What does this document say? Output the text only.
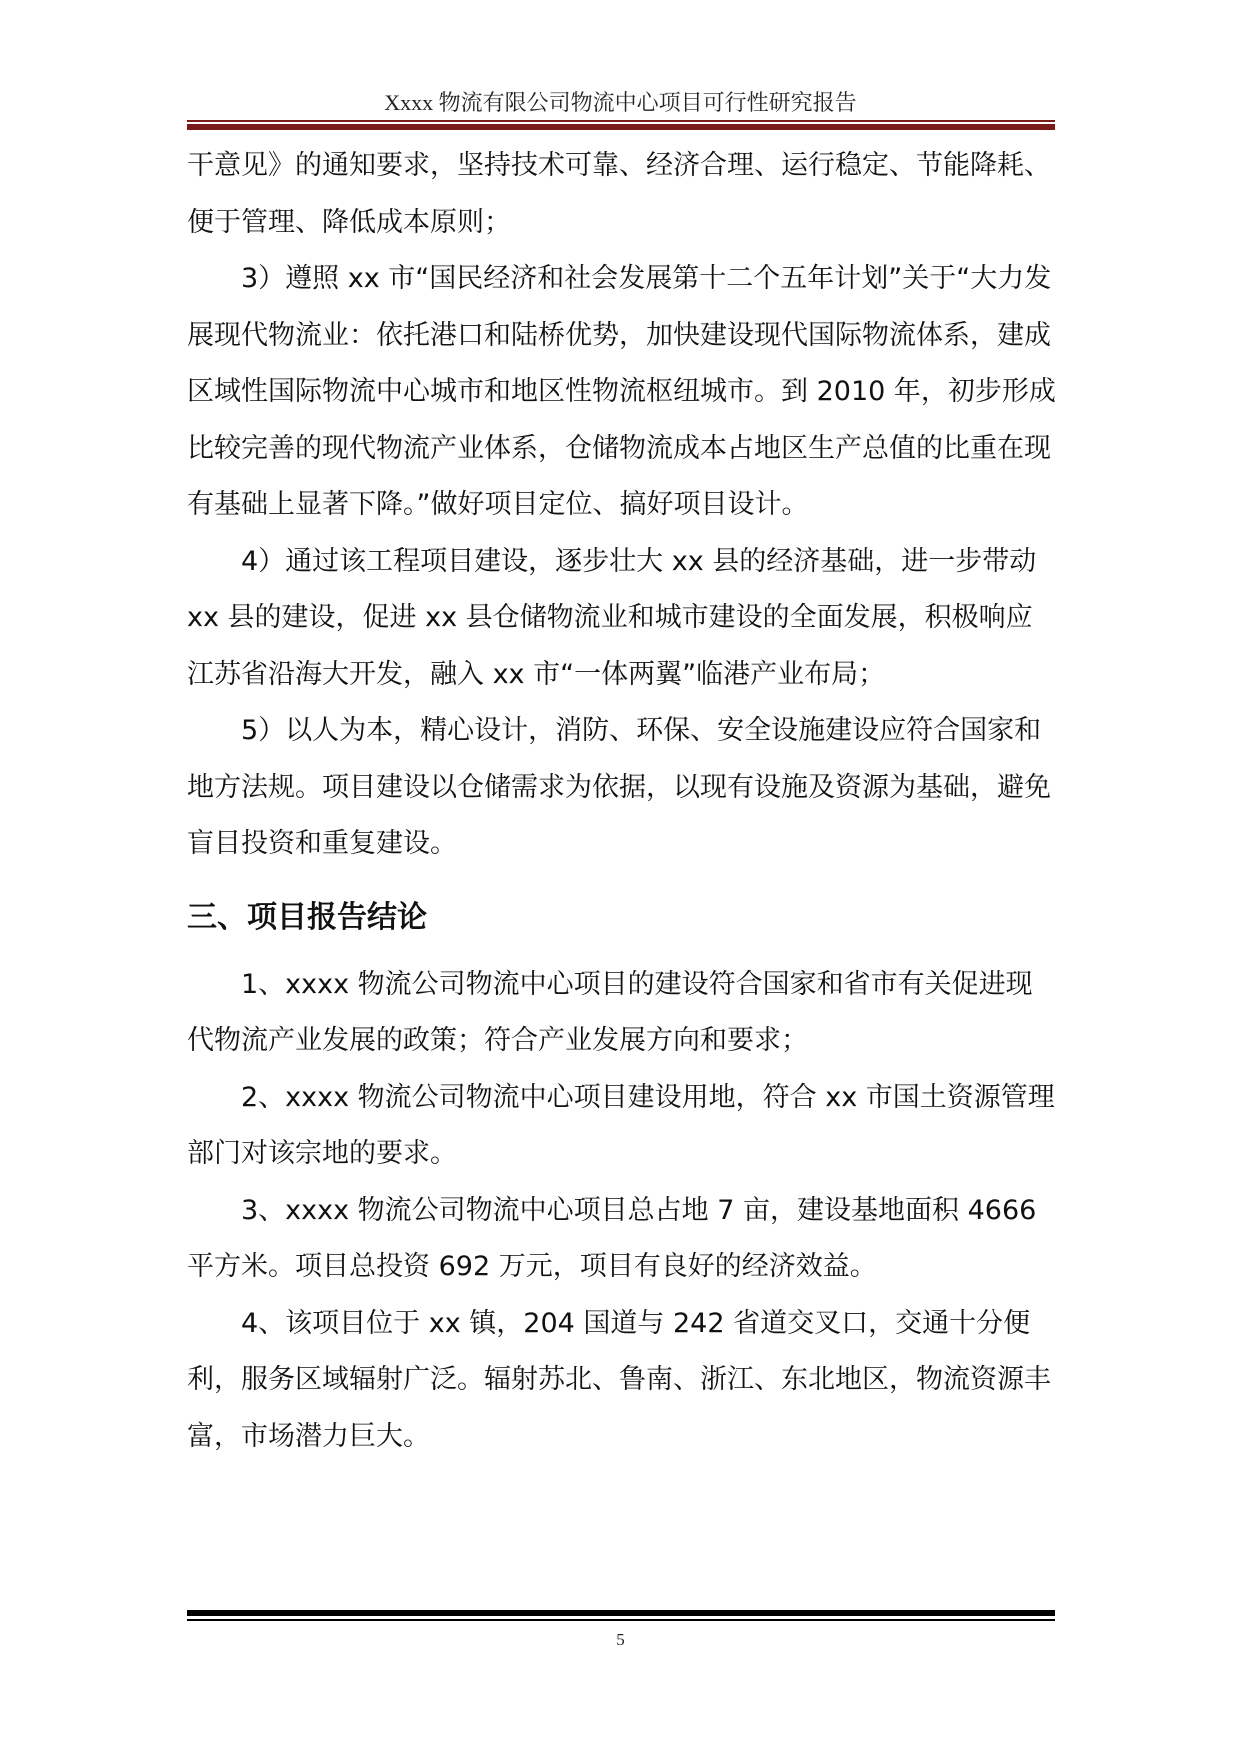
Xxxx 物流有限公司物流中心项目可行性研究报告

干意见》的通知要求，坚持技术可靠、经济合理、运行稳定、节能降耗、便于管理、降低成本原则；

3）遵照 xx 市“国民经济和社会发展第十二个五年计划”关于“大力发展现代物流业：依托港口和陆桥优势，加快建设现代国际物流体系，建成区域性国际物流中心城市和地区性物流枢纽城市。到 2010 年，初步形成比较完善的现代物流产业体系，仓储物流成本占地区生产总值的比重在现有基础上显著下降。”做好项目定位、搞好项目设计。

4）通过该工程项目建设，逐步壮大 xx 县的经济基础，进一步带动 xx 县的建设，促进 xx 县仓储物流业和城市建设的全面发展，积极响应江苏省沿海大开发，融入 xx 市“一体两翼”临港产业布局；

5）以人为本，精心设计，消防、环保、安全设施建设应符合国家和地方法规。项目建设以仓储需求为依据，以现有设施及资源为基础，避免盲目投资和重复建设。

三、项目报告结论

1、xxxx 物流公司物流中心项目的建设符合国家和省市有关促进现代物流产业发展的政策；符合产业发展方向和要求；

2、xxxx 物流公司物流中心项目建设用地，符合 xx 市国土资源管理部门对该宗地的要求。

3、xxxx 物流公司物流中心项目总占地 7 亩，建设基地面积 4666 平方米。项目总投资 692 万元，项目有良好的经济效益。

4、该项目位于 xx 镇，204 国道与 242 省道交叉口，交通十分便利，服务区域辐射广泛。辐射苏北、鲁南、浙江、东北地区，物流资源丰富，市场潜力巨大。

5
